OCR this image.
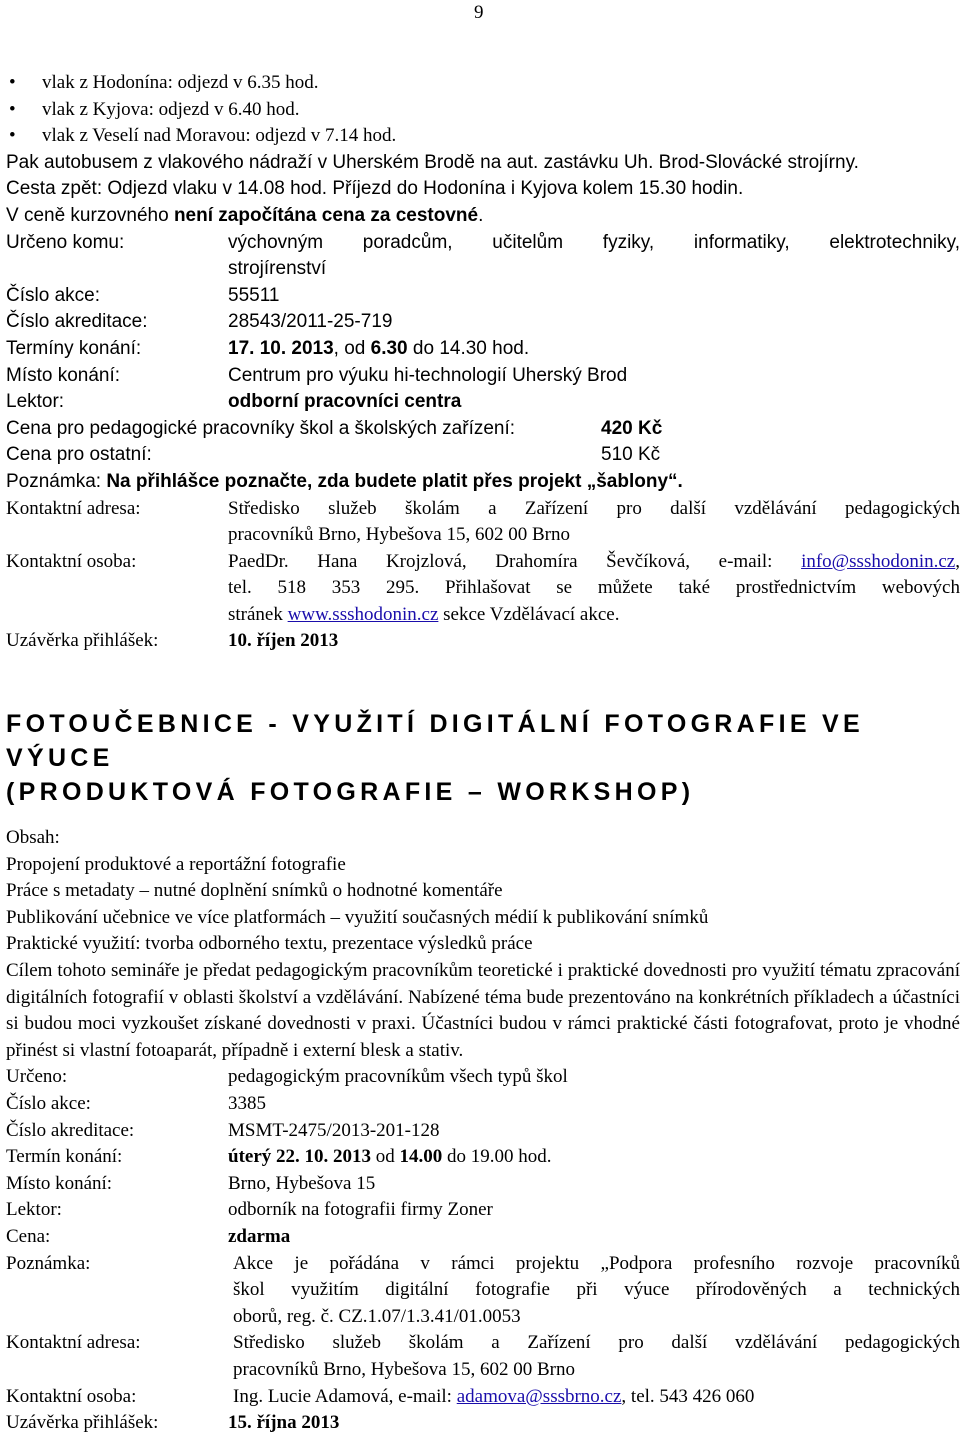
9
• vlak z Hodonína: odjezd v 6.35 hod.
• vlak z Kyjova: odjezd v 6.40 hod.
• vlak z Veselí nad Moravou: odjezd v 7.14 hod.
Pak autobusem z vlakového nádraží v Uherském Brodě na aut. zastávku Uh. Brod-Slovácké strojírny.
Cesta zpět: Odjezd vlaku v 14.08 hod. Příjezd do Hodonína i Kyjova kolem 15.30 hodin.
V ceně kurzovného není započítána cena za cestovné.
Určeno komu:	výchovným poradcům, učitelům fyziky, informatiky, elektrotechniky,
strojírenství
Číslo akce:	55511
Číslo akreditace:	28543/2011-25-719
Termíny konání:	17. 10. 2013, od 6.30 do 14.30 hod.
Místo konání:	Centrum pro výuku hi-technologií Uherský Brod
Lektor:	odborní pracovníci centra
Cena pro pedagogické pracovníky škol a školských zařízení:	420 Kč
Cena pro ostatní:	510 Kč
Poznámka: Na přihlášce poznačte, zda budete platit přes projekt „šablony“.
Kontaktní adresa:	Středisko služeb školám a Zařízení pro další vzdělávání pedagogických
pracovníků Brno, Hybešova 15, 602 00 Brno
Kontaktní osoba:	PaedDr. Hana Krojzlová, Drahomíra Ševčíková, e-mail: info@ssshodonin.cz,
tel. 518 353 295. Přihlašovat se můžete také prostřednictvím webových
stránek www.ssshodonin.cz sekce Vzdělávací akce.
Uzávěrka přihlášek:	10. říjen 2013
FOTOUČEBNICE - VYUŽITÍ DIGITÁLNÍ FOTOGRAFIE VE VÝUCE
(PRODUKTOVÁ FOTOGRAFIE – WORKSHOP)
Obsah:
Propojení produktové a reportážní fotografie
Práce s metadaty – nutné doplnění snímků o hodnotné komentáře
Publikování učebnice ve více platformách – využití současných médií k publikování snímků
Praktické využití: tvorba odborného textu, prezentace výsledků práce
Cílem tohoto semináře je předat pedagogickým pracovníkům teoretické i praktické dovednosti pro využití tématu zpracování digitálních fotografií v oblasti školství a vzdělávání. Nabízené téma bude prezentováno na konkrétních příkladech a účastníci si budou moci vyzkoušet získané dovednosti v praxi. Účastníci budou v rámci praktické části fotografovat, proto je vhodné přinést si vlastní fotoaparát, případně i externí blesk a stativ.
Určeno:	pedagogickým pracovníkům všech typů škol
Číslo akce:	3385
Číslo akreditace:	MSMT-2475/2013-201-128
Termín konání:	úterý 22. 10. 2013 od 14.00 do 19.00 hod.
Místo konání:	Brno, Hybešova 15
Lektor:	odborník na fotografii firmy Zoner
Cena:	zdarma
Poznámka:	Akce je pořádána v rámci projektu „Podpora profesního rozvoje pracovníků
škol využitím digitální fotografie při výuce přírodověných a technických
oborů, reg. č. CZ.1.07/1.3.41/01.0053
Kontaktní adresa:	Středisko služeb školám a Zařízení pro další vzdělávání pedagogických
pracovníků Brno, Hybešova 15, 602 00 Brno
Kontaktní osoba:	Ing. Lucie Adamová, e-mail: adamova@sssbrno.cz, tel. 543 426 060
Uzávěrka přihlášek:	15. října 2013
